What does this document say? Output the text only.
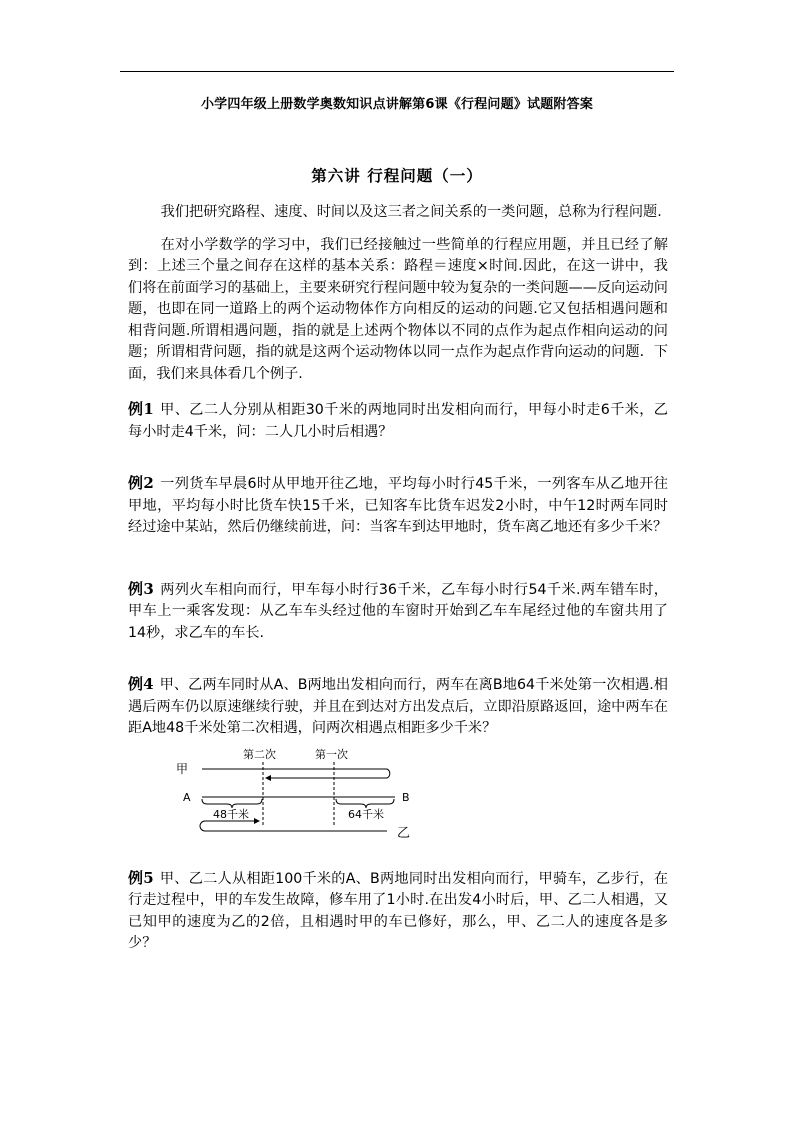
小学四年级上册数学奥数知识点讲解第6课《行程问题》试题附答案
第六讲 行程问题（一）

我们把研究路程、速度、时间以及这三者之间关系的一类问题，总称为行程问题.

在对小学数学的学习中，我们已经接触过一些简单的行程应用题，并且已经了解到：上述三个量之间存在这样的基本关系：路程＝速度×时间.因此，在这一讲中，我们将在前面学习的基础上，主要来研究行程问题中较为复杂的一类问题——反向运动问题，也即在同一道路上的两个运动物体作方向相反的运动的问题.它又包括相遇问题和相背问题.所谓相遇问题，指的就是上述两个物体以不同的点作为起点作相向运动的问题；所谓相背问题，指的就是这两个运动物体以同一点作为起点作背向运动的问题．下面，我们来具体看几个例子.

例1 甲、乙二人分别从相距30千米的两地同时出发相向而行，甲每小时走6千米，乙每小时走4千米，问：二人几小时后相遇？

例2 一列货车早晨6时从甲地开往乙地，平均每小时行45千米，一列客车从乙地开往甲地，平均每小时比货车快15千米，已知客车比货车迟发2小时，中午12时两车同时经过途中某站，然后仍继续前进，问：当客车到达甲地时，货车离乙地还有多少千米？

例3 两列火车相向而行，甲车每小时行36千米，乙车每小时行54千米.两车错车时，甲车上一乘客发现：从乙车车头经过他的车窗时开始到乙车车尾经过他的车窗共用了14秒，求乙车的车长.

例4 甲、乙两车同时从A、B两地出发相向而行，两车在离B地64千米处第一次相遇.相遇后两车仍以原速继续行驶，并且在到达对方出发点后，立即沿原路返回，途中两车在距A地48千米处第二次相遇，问两次相遇点相距多少千米？

甲
A	B
乙
第二次	第一次
48千米	64千米

例5 甲、乙二人从相距100千米的A、B两地同时出发相向而行，甲骑车，乙步行，在行走过程中，甲的车发生故障，修车用了1小时.在出发4小时后，甲、乙二人相遇，又已知甲的速度为乙的2倍，且相遇时甲的车已修好，那么，甲、乙二人的速度各是多少？
